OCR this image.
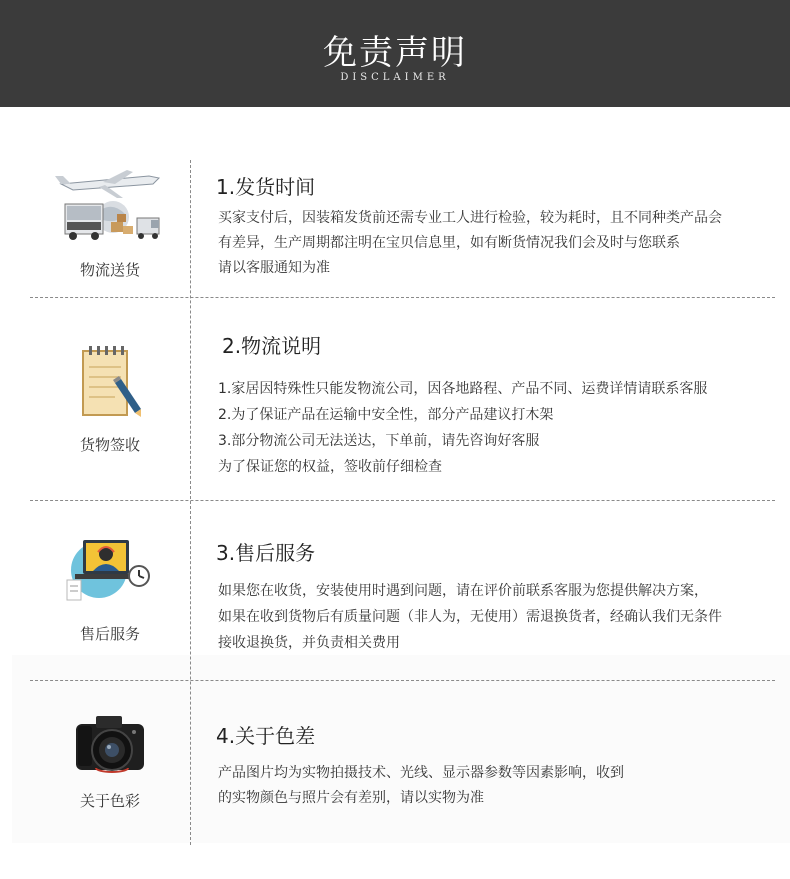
免责声明
DISCLAIMER
物流送货
1.发货时间
买家支付后，因装箱发货前还需专业工人进行检验，较为耗时，且不同种类产品会
有差异，生产周期都注明在宝贝信息里，如有断货情况我们会及时与您联系
请以客服通知为准
货物签收
2.物流说明
1.家居因特殊性只能发物流公司，因各地路程、产品不同、运费详情请联系客服
2.为了保证产品在运输中安全性，部分产品建议打木架
3.部分物流公司无法送达，下单前，请先咨询好客服
为了保证您的权益，签收前仔细检查
售后服务
3.售后服务
如果您在收货，安装使用时遇到问题，请在评价前联系客服为您提供解决方案，
如果在收到货物后有质量问题（非人为，无使用）需退换货者，经确认我们无条件
接收退换货，并负责相关费用
关于色彩
4.关于色差
产品图片均为实物拍摄技术、光线、显示器参数等因素影响，收到
的实物颜色与照片会有差别，请以实物为准
